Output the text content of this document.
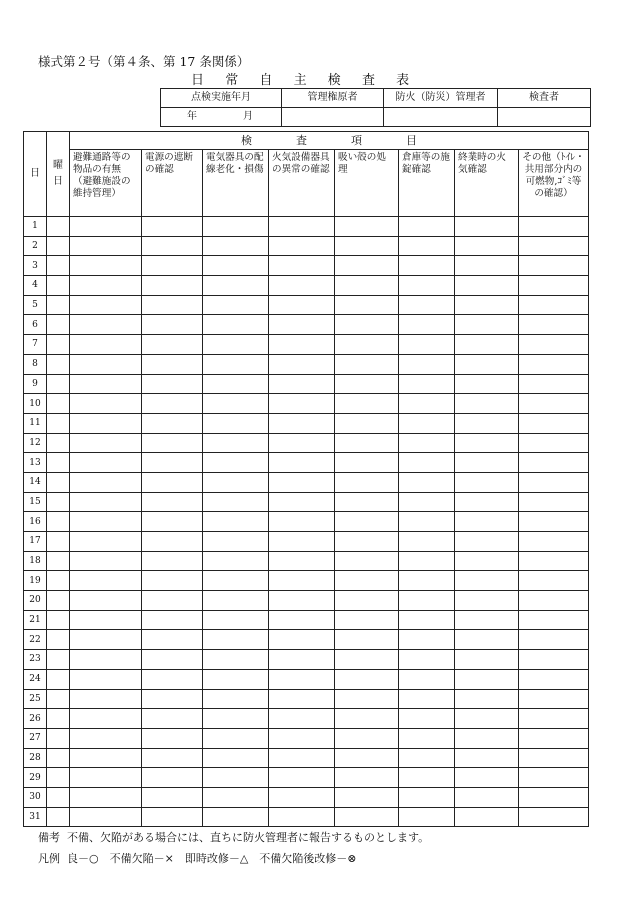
様式第２号（第４条、第 17 条関係）
日	常	自	主	検	査	表
点検実施年月	管理権原者	防火（防災）管理者	検査者
年 月			
日	曜日	検 査 項 目							
		避難通路等の物品の有無（避難施設の維持管理）	電源の遮断の確認	電気器具の配線老化・損傷	火気設備器具の異常の確認	吸い殻の処理	倉庫等の施錠確認	終業時の火気確認	その他（ﾄｲﾚ・共用部分内の可燃物,ｺﾞﾐ等の確認）
1									
2									
3									
4									
5									
6									
7									
8									
9									
10									
11									
12									
13									
14									
15									
16									
17									
18									
19									
20									
21									
22									
23									
24									
25									
26									
27									
28									
29									
30									
31									
備考 不備、欠陥がある場合には、直ちに防火管理者に報告するものとします。
凡例 良－○　不備欠陥－×　即時改修－△　不備欠陥後改修－⊗
